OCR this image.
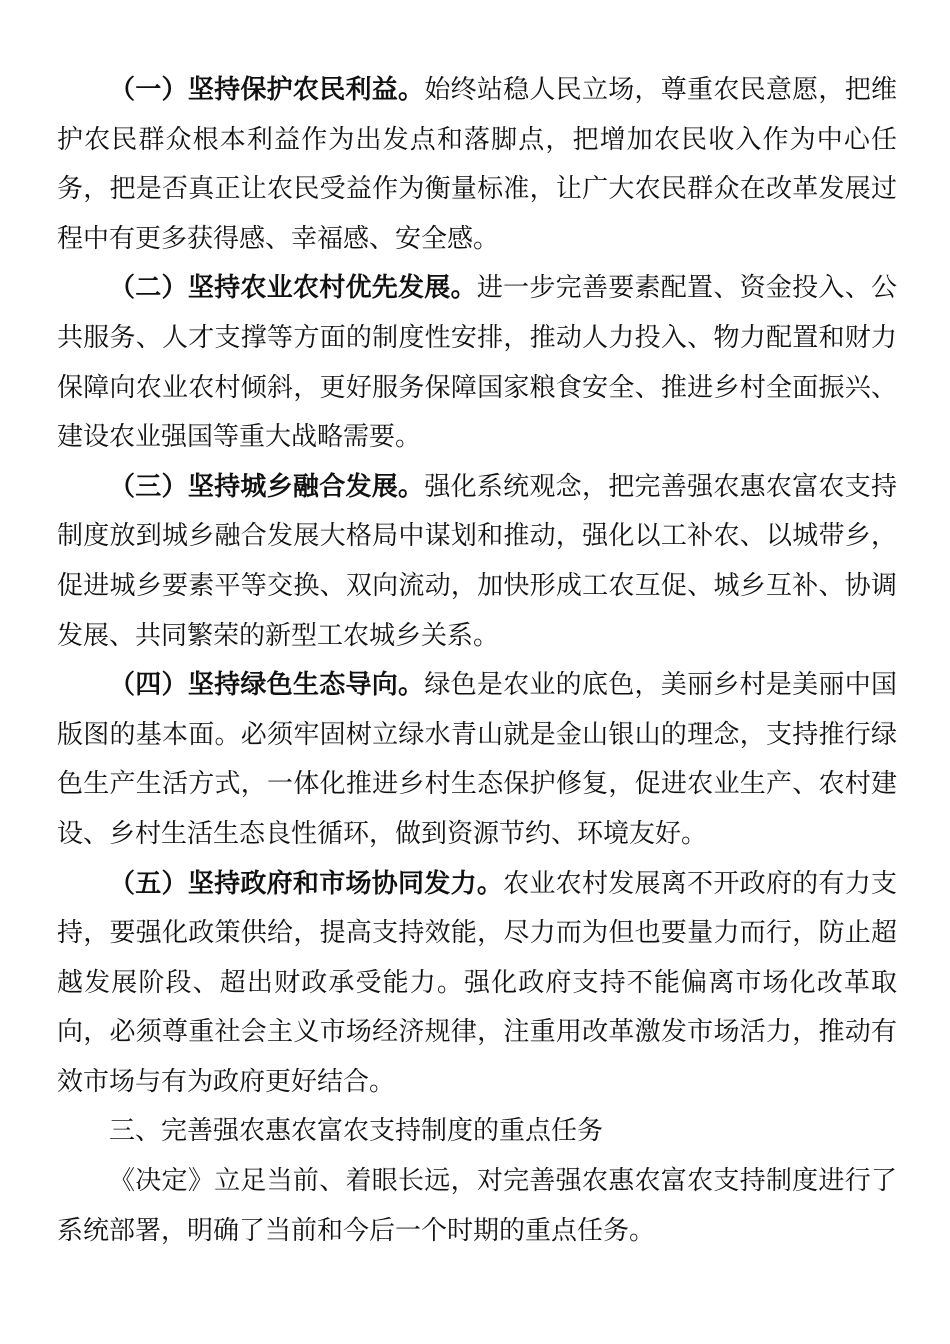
（一）坚持保护农民利益。始终站稳人民立场，尊重农民意愿，把维护农民群众根本利益作为出发点和落脚点，把增加农民收入作为中心任务，把是否真正让农民受益作为衡量标准，让广大农民群众在改革发展过程中有更多获得感、幸福感、安全感。

（二）坚持农业农村优先发展。进一步完善要素配置、资金投入、公共服务、人才支撑等方面的制度性安排，推动人力投入、物力配置和财力保障向农业农村倾斜，更好服务保障国家粮食安全、推进乡村全面振兴、建设农业强国等重大战略需要。

（三）坚持城乡融合发展。强化系统观念，把完善强农惠农富农支持制度放到城乡融合发展大格局中谋划和推动，强化以工补农、以城带乡，促进城乡要素平等交换、双向流动，加快形成工农互促、城乡互补、协调发展、共同繁荣的新型工农城乡关系。

（四）坚持绿色生态导向。绿色是农业的底色，美丽乡村是美丽中国版图的基本面。必须牢固树立绿水青山就是金山银山的理念，支持推行绿色生产生活方式，一体化推进乡村生态保护修复，促进农业生产、农村建设、乡村生活生态良性循环，做到资源节约、环境友好。

（五）坚持政府和市场协同发力。农业农村发展离不开政府的有力支持，要强化政策供给，提高支持效能，尽力而为但也要量力而行，防止超越发展阶段、超出财政承受能力。强化政府支持不能偏离市场化改革取向，必须尊重社会主义市场经济规律，注重用改革激发市场活力，推动有效市场与有为政府更好结合。

三、完善强农惠农富农支持制度的重点任务

《决定》立足当前、着眼长远，对完善强农惠农富农支持制度进行了系统部署，明确了当前和今后一个时期的重点任务。
